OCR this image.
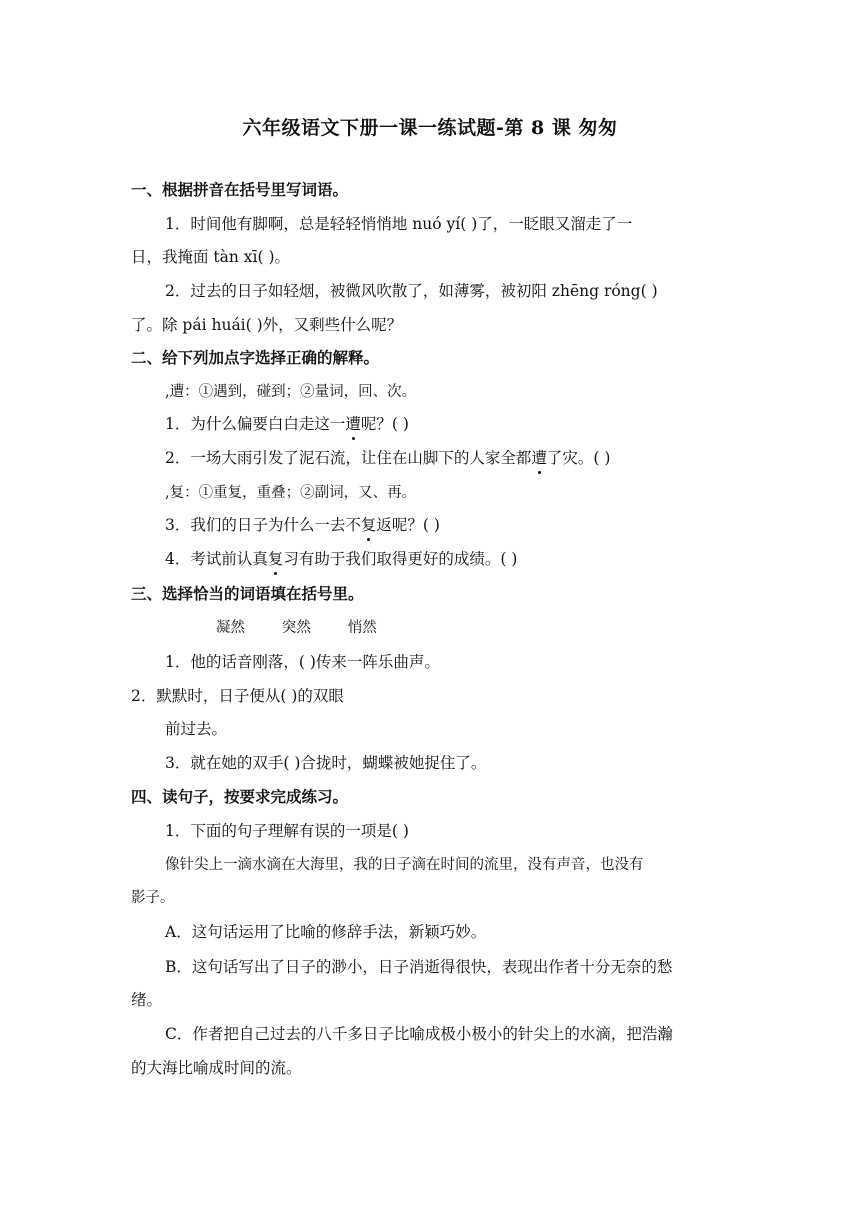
六年级语文下册一课一练试题-第 8 课 匆匆
一、根据拼音在括号里写词语。
1．时间他有脚啊，总是轻轻悄悄地 nuó yí( )了，一眨眼又溜走了一
日，我掩面 tàn xī( )。
2．过去的日子如轻烟，被微风吹散了，如薄雾，被初阳 zhēng róng( )
了。除 pái huái( )外，又剩些什么呢？
二、给下列加点字选择正确的解释。
,遭：①遇到，碰到；②量词，回、次。
1．为什么偏要白白走这一遭呢？( )
2．一场大雨引发了泥石流，让住在山脚下的人家全都遭了灾。( )
,复：①重复，重叠；②副词，又、再。
3．我们的日子为什么一去不复返呢？( )
4．考试前认真复习有助于我们取得更好的成绩。( )
三、选择恰当的词语填在括号里。
凝然        突然        悄然
1．他的话音刚落，( )传来一阵乐曲声。
2．默默时，日子便从( )的双眼
前过去。
3．就在她的双手( )合拢时，蝴蝶被她捉住了。
四、读句子，按要求完成练习。
1．下面的句子理解有误的一项是( )
像针尖上一滴水滴在大海里，我的日子滴在时间的流里，没有声音，也没有
影子。
A．这句话运用了比喻的修辞手法，新颖巧妙。
B．这句话写出了日子的渺小，日子消逝得很快，表现出作者十分无奈的愁
绪。
C．作者把自己过去的八千多日子比喻成极小极小的针尖上的水滴，把浩瀚
的大海比喻成时间的流。
